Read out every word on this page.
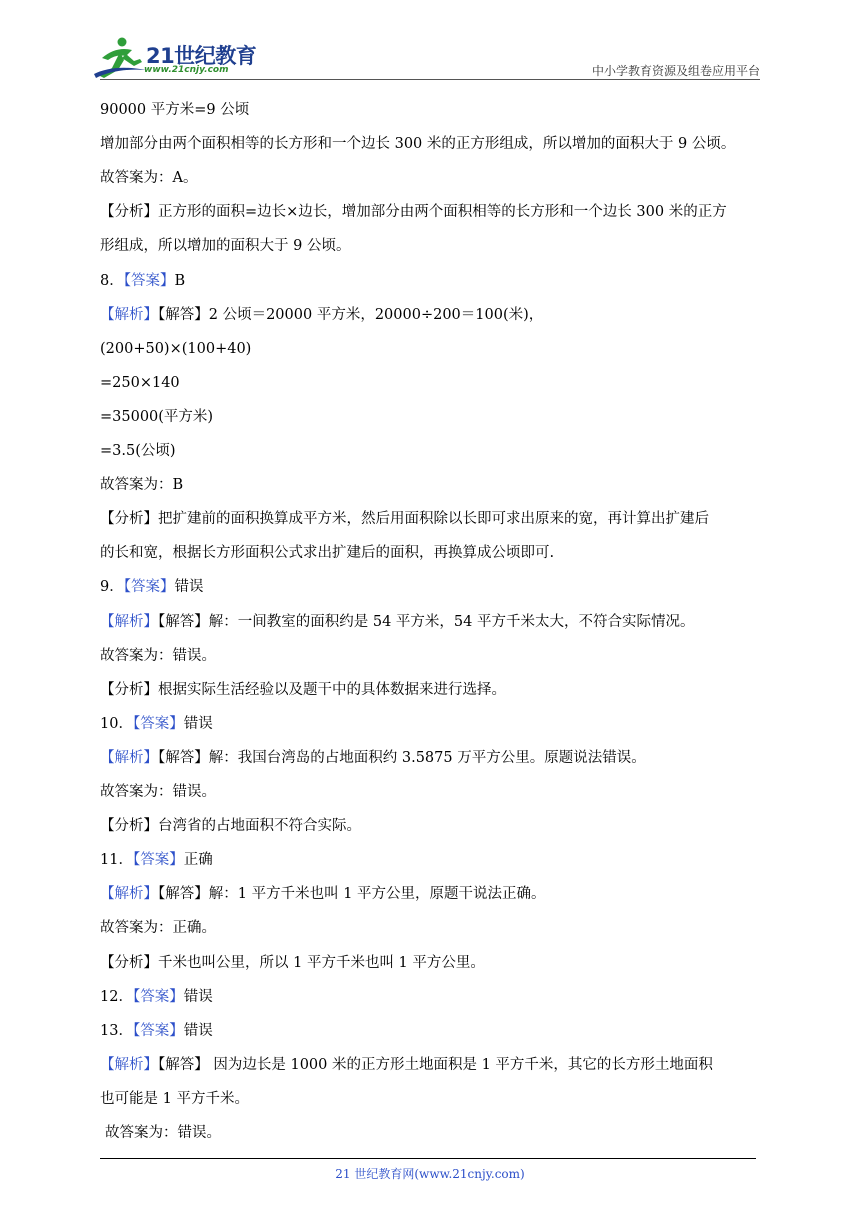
21世纪教育
www.21cnjy.com	中小学教育资源及组卷应用平台
90000 平方米=9 公顷
增加部分由两个面积相等的长方形和一个边长 300 米的正方形组成，所以增加的面积大于 9 公顷。
故答案为：A。
【分析】正方形的面积=边长×边长，增加部分由两个面积相等的长方形和一个边长 300 米的正方
形组成，所以增加的面积大于 9 公顷。
8．【答案】B
【解析】【解答】2 公顷＝20000 平方米，20000÷200＝100(米)，
(200+50)×(100+40)
=250×140
=35000(平方米)
=3.5(公顷)
故答案为：B
【分析】把扩建前的面积换算成平方米，然后用面积除以长即可求出原来的宽，再计算出扩建后
的长和宽，根据长方形面积公式求出扩建后的面积，再换算成公顷即可.
9．【答案】错误
【解析】【解答】解：一间教室的面积约是 54 平方米，54 平方千米太大，不符合实际情况。
故答案为：错误。
【分析】根据实际生活经验以及题干中的具体数据来进行选择。
10．【答案】错误
【解析】【解答】解：我国台湾岛的占地面积约 3.5875 万平方公里。原题说法错误。
故答案为：错误。
【分析】台湾省的占地面积不符合实际。
11．【答案】正确
【解析】【解答】解：1 平方千米也叫 1 平方公里，原题干说法正确。
故答案为：正确。
【分析】千米也叫公里，所以 1 平方千米也叫 1 平方公里。
12．【答案】错误
13．【答案】错误
【解析】【解答】 因为边长是 1000 米的正方形土地面积是 1 平方千米，其它的长方形土地面积
也可能是 1 平方千米。
故答案为：错误。
21 世纪教育网(www.21cnjy.com)
